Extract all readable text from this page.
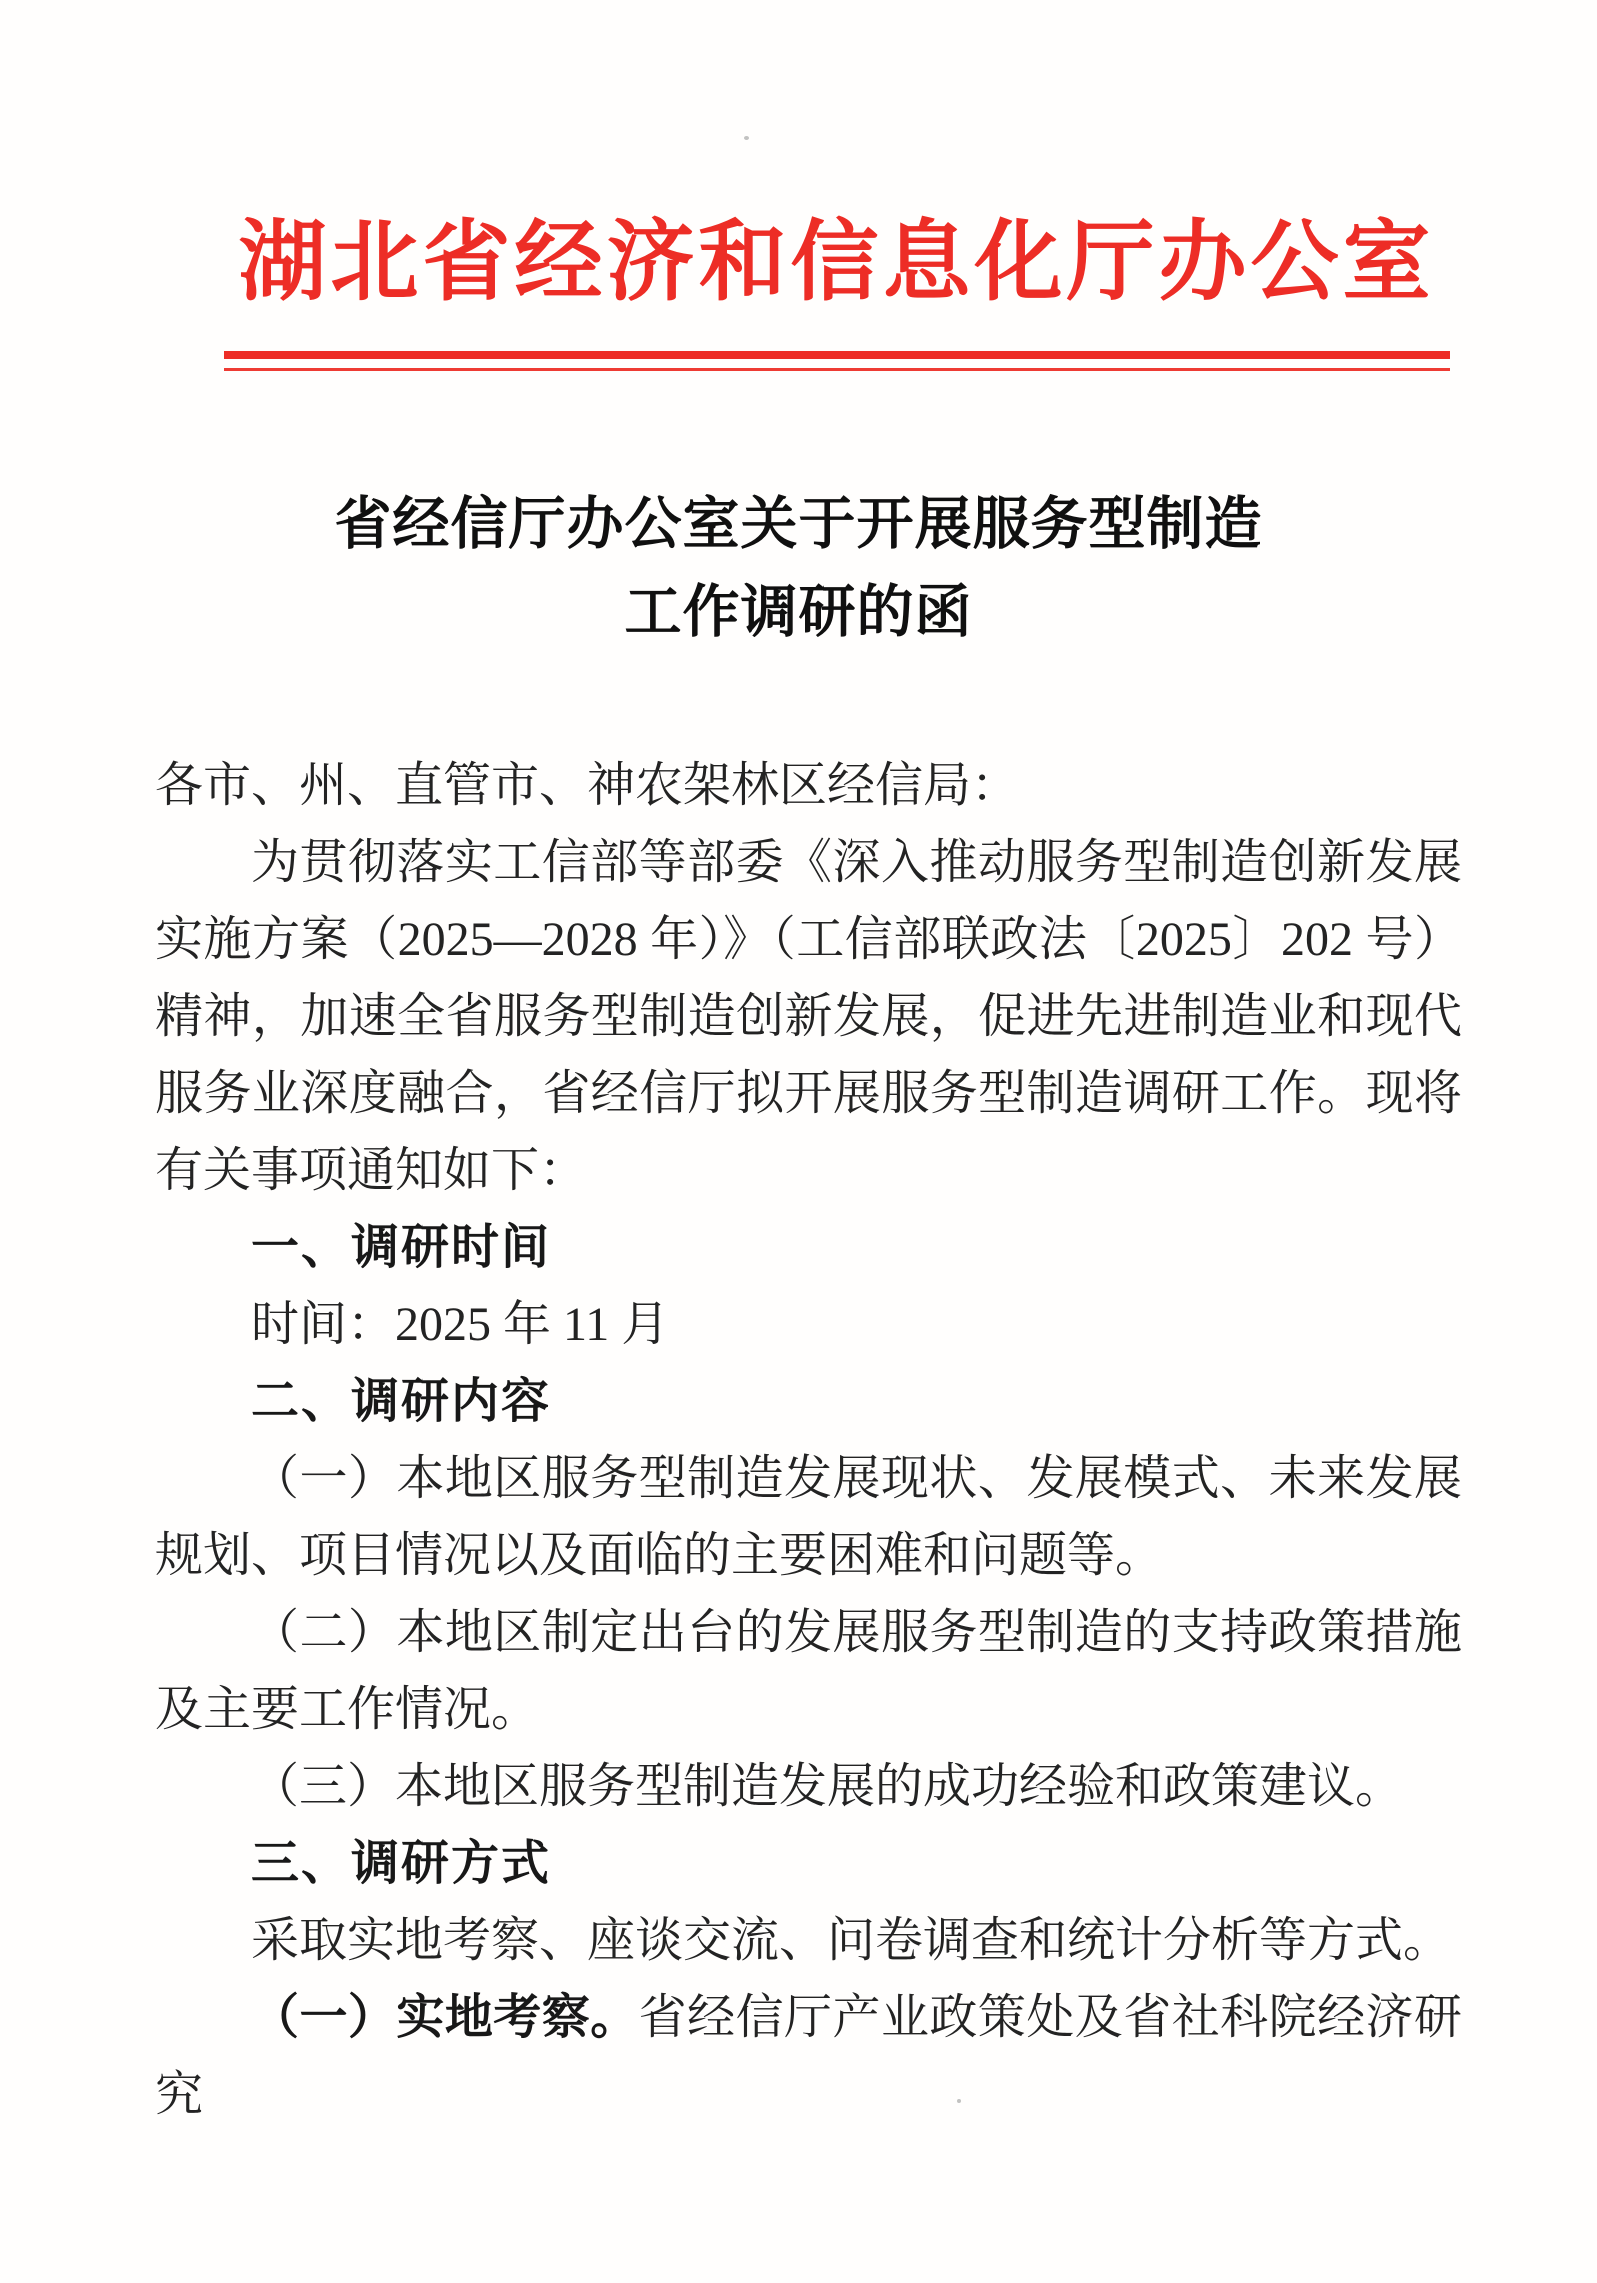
湖北省经济和信息化厅办公室
省经信厅办公室关于开展服务型制造
工作调研的函

各市、州、直管市、神农架林区经信局：

为贯彻落实工信部等部委《深入推动服务型制造创新发展实施方案（2025—2028 年）》（工信部联政法〔2025〕202 号）精神，加速全省服务型制造创新发展，促进先进制造业和现代服务业深度融合，省经信厅拟开展服务型制造调研工作。现将有关事项通知如下：

一、调研时间

时间：2025 年 11 月

二、调研内容

（一）本地区服务型制造发展现状、发展模式、未来发展规划、项目情况以及面临的主要困难和问题等。

（二）本地区制定出台的发展服务型制造的支持政策措施及主要工作情况。

（三）本地区服务型制造发展的成功经验和政策建议。

三、调研方式

采取实地考察、座谈交流、问卷调查和统计分析等方式。

（一）实地考察。省经信厅产业政策处及省社科院经济研究
